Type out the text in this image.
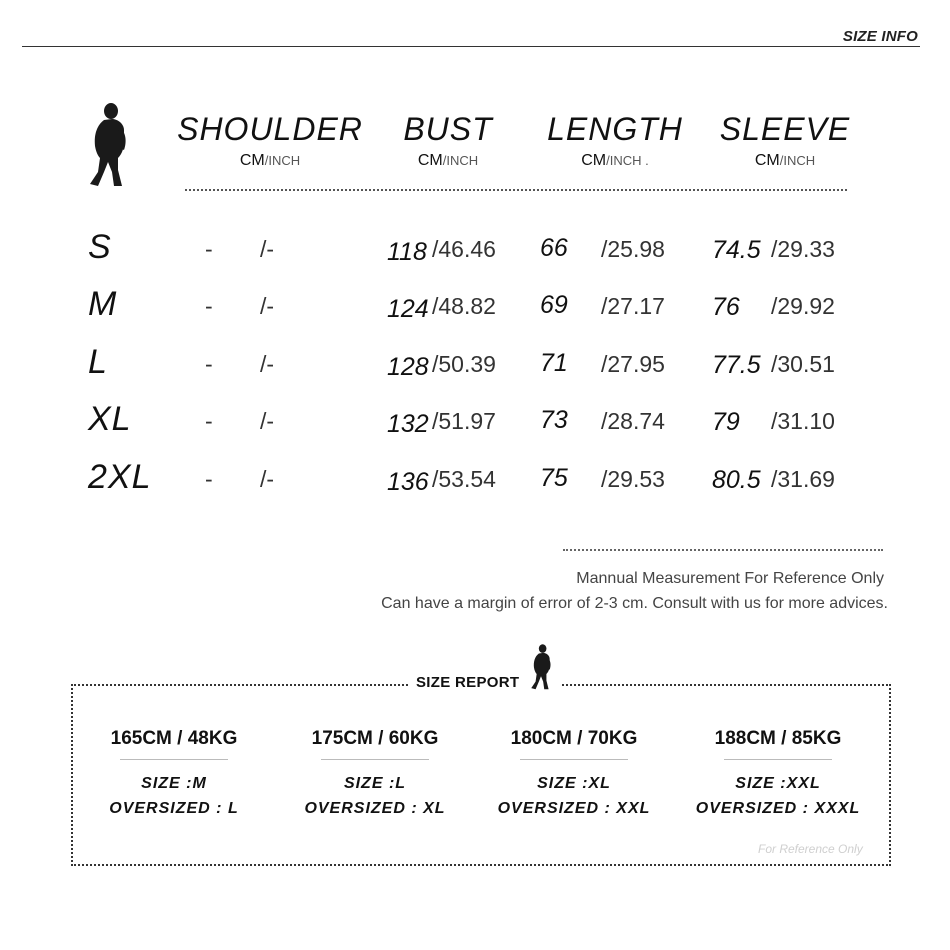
SIZE INFO
SHOULDER
CM/INCH
BUST
CM/INCH
LENGTH
CM/INCH .
SLEEVE
CM/INCH
S	- /-	118 /46.46 66 /25.98 74.5 /29.33
M	- /-	124 /48.82 69 /27.17 76 /29.92
L	- /-	128 /50.39 71 /27.95 77.5 /30.51
XL	- /-	132 /51.97 73 /28.74 79 /31.10
2XL - /-	136 /53.54 75 /29.53 80.5 /31.69
Mannual Measurement For Reference Only
Can have a margin of error of 2-3 cm. Consult with us for more advices.
SIZE REPORT
165CM / 48KG
SIZE :M
OVERSIZED : L
175CM / 60KG
SIZE :L
OVERSIZED : XL
180CM / 70KG
SIZE :XL
OVERSIZED : XXL
188CM / 85KG
SIZE :XXL
OVERSIZED : XXXL
For Reference Only
